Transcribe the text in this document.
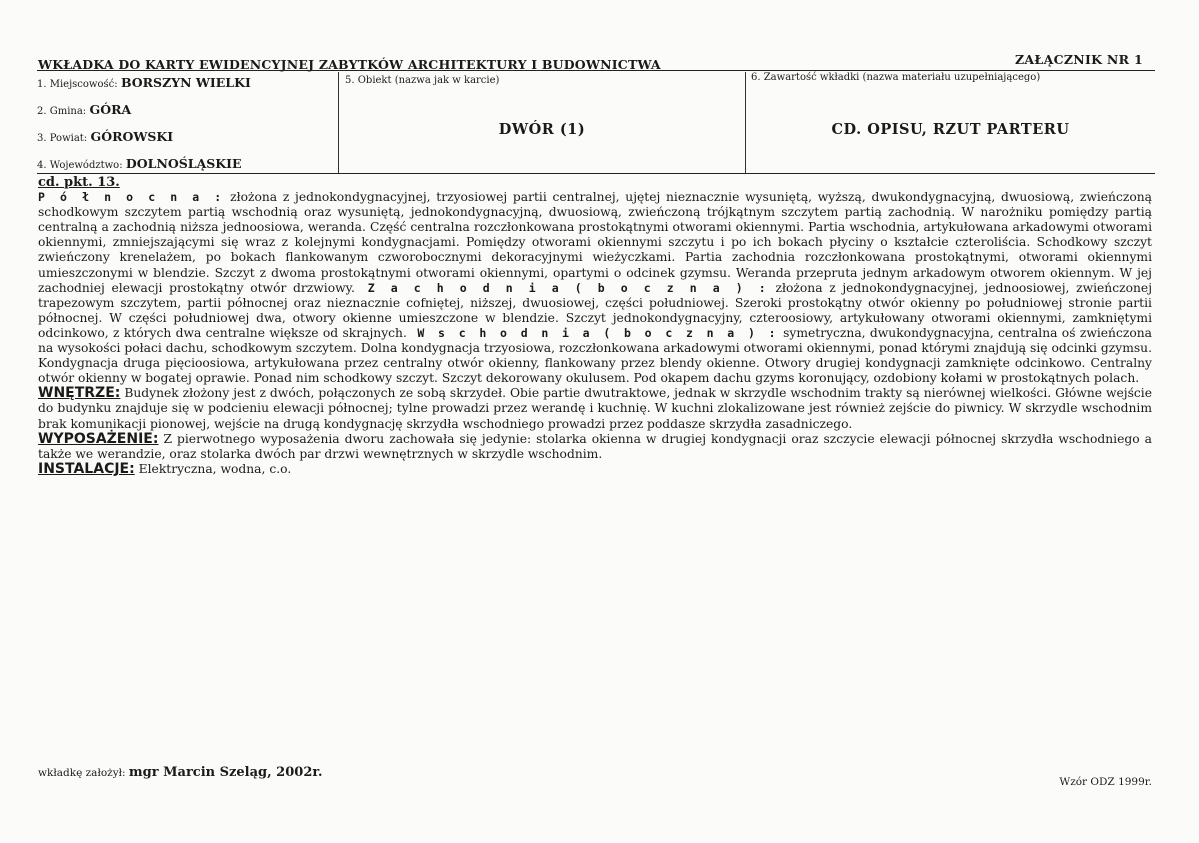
WKŁADKA DO KARTY EWIDENCYJNEJ ZABYTKÓW ARCHITEKTURY I BUDOWNICTWA	ZAŁĄCZNIK NR 1
1. Miejscowość: BORSZYN WIELKI
2. Gmina: GÓRA
3. Powiat: GÓROWSKI
4. Województwo: DOLNOŚLĄSKIE
5. Obiekt (nazwa jak w karcie)
DWÓR (1)
6. Zawartość wkładki (nazwa materiału uzupełniającego)
CD. OPISU, RZUT PARTERU

cd. pkt. 13.
P ó ł n o c n a : złożona z jednokondygnacyjnej, trzyosiowej partii centralnej, ujętej nieznacznie wysuniętą, wyższą, dwukondygnacyjną, dwuosiową, zwieńczoną schodkowym szczytem partią wschodnią oraz wysuniętą, jednokondygnacyjną, dwuosiową, zwieńczoną trójkątnym szczytem partią zachodnią. W narożniku pomiędzy partią centralną a zachodnią niższa jednoosiowa, weranda. Część centralna rozczłonkowana prostokątnymi otworami okiennymi. Partia wschodnia, artykułowana arkadowymi otworami okiennymi, zmniejszającymi się wraz z kolejnymi kondygnacjami. Pomiędzy otworami okiennymi szczytu i po ich bokach płyciny o kształcie czteroliścia. Schodkowy szczyt zwieńczony krenelażem, po bokach flankowanym czworobocznymi dekoracyjnymi wieżyczkami. Partia zachodnia rozczłonkowana prostokątnymi, otworami okiennymi umieszczonymi w blendzie. Szczyt z dwoma prostokątnymi otworami okiennymi, opartymi o odcinek gzymsu. Weranda przepruta jednym arkadowym otworem okiennym. W jej zachodniej elewacji prostokątny otwór drzwiowy. Z a c h o d n i a ( b o c z n a ) : złożona z jednokondygnacyjnej, jednoosiowej, zwieńczonej trapezowym szczytem, partii północnej oraz nieznacznie cofniętej, niższej, dwuosiowej, części południowej. Szeroki prostokątny otwór okienny po południowej stronie partii północnej. W części południowej dwa, otwory okienne umieszczone w blendzie. Szczyt jednokondygnacyjny, czteroosiowy, artykułowany otworami okiennymi, zamkniętymi odcinkowo, z których dwa centralne większe od skrajnych. W s c h o d n i a ( b o c z n a ) : symetryczna, dwukondygnacyjna, centralna oś zwieńczona na wysokości połaci dachu, schodkowym szczytem. Dolna kondygnacja trzyosiowa, rozczłonkowana arkadowymi otworami okiennymi, ponad którymi znajdują się odcinki gzymsu. Kondygnacja druga pięcioosiowa, artykułowana przez centralny otwór okienny, flankowany przez blendy okienne. Otwory drugiej kondygnacji zamknięte odcinkowo. Centralny otwór okienny w bogatej oprawie. Ponad nim schodkowy szczyt. Szczyt dekorowany okulusem. Pod okapem dachu gzyms koronujący, ozdobiony kołami w prostokątnych polach.

WNĘTRZE: Budynek złożony jest z dwóch, połączonych ze sobą skrzydeł. Obie partie dwutraktowe, jednak w skrzydle wschodnim trakty są nierównej wielkości. Główne wejście do budynku znajduje się w podcieniu elewacji północnej; tylne prowadzi przez werandę i kuchnię. W kuchni zlokalizowane jest również zejście do piwnicy. W skrzydle wschodnim brak komunikacji pionowej, wejście na drugą kondygnację skrzydła wschodniego prowadzi przez poddasze skrzydła zasadniczego.

WYPOSAŻENIE: Z pierwotnego wyposażenia dworu zachowała się jedynie: stolarka okienna w drugiej kondygnacji oraz szczycie elewacji północnej skrzydła wschodniego a także we werandzie, oraz stolarka dwóch par drzwi wewnętrznych w skrzydle wschodnim.

INSTALACJE: Elektryczna, wodna, c.o.

wkładkę założył: mgr Marcin Szeląg, 2002r.
Wzór ODZ 1999r.
